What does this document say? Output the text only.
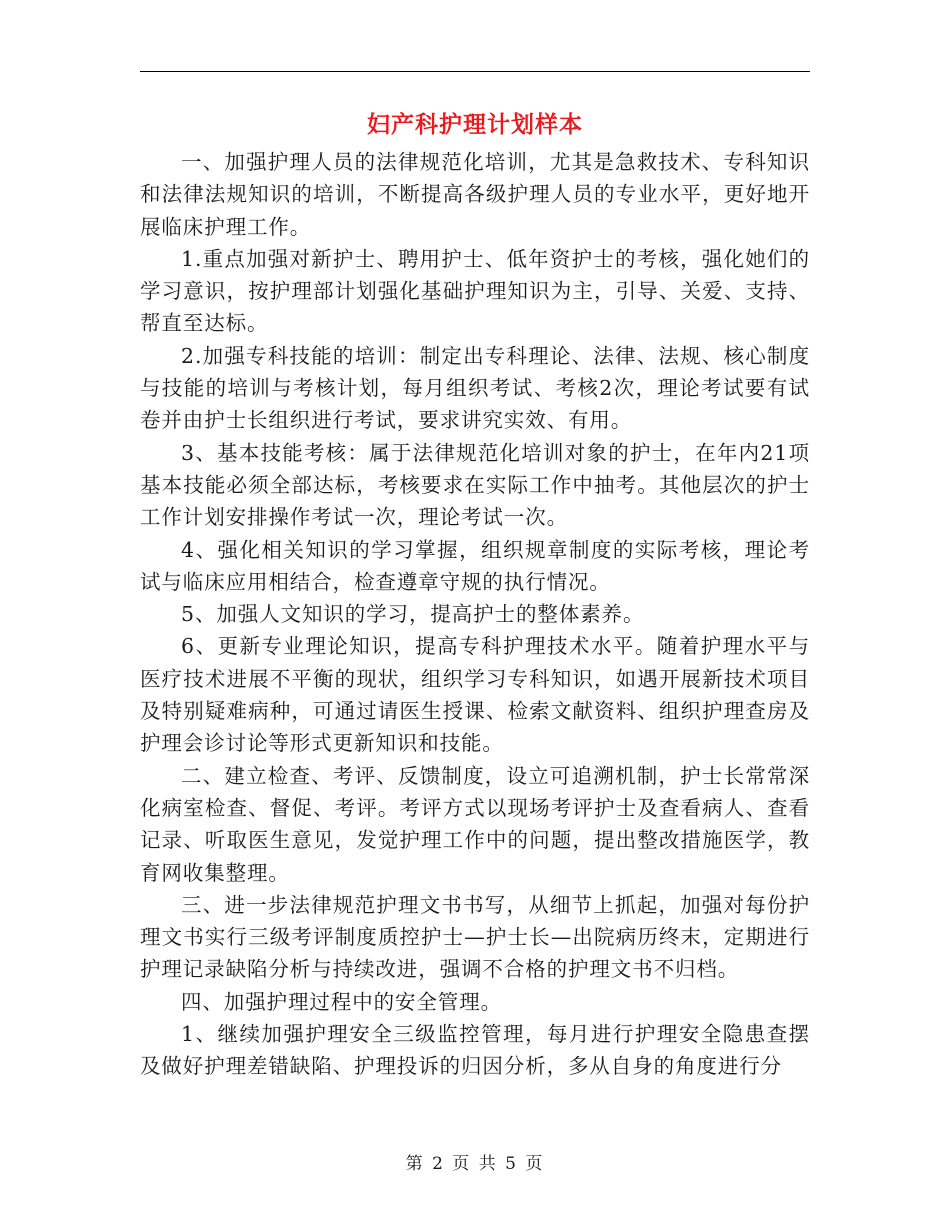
妇产科护理计划样本

一、加强护理人员的法律规范化培训，尤其是急救技术、专科知识和法律法规知识的培训，不断提高各级护理人员的专业水平，更好地开展临床护理工作。

1.重点加强对新护士、聘用护士、低年资护士的考核，强化她们的学习意识，按护理部计划强化基础护理知识为主，引导、关爱、支持、帮直至达标。

2.加强专科技能的培训：制定出专科理论、法律、法规、核心制度与技能的培训与考核计划，每月组织考试、考核2次，理论考试要有试卷并由护士长组织进行考试，要求讲究实效、有用。

3、基本技能考核：属于法律规范化培训对象的护士，在年内21项基本技能必须全部达标，考核要求在实际工作中抽考。其他层次的护士工作计划安排操作考试一次，理论考试一次。

4、强化相关知识的学习掌握，组织规章制度的实际考核，理论考试与临床应用相结合，检查遵章守规的执行情况。

5、加强人文知识的学习，提高护士的整体素养。

6、更新专业理论知识，提高专科护理技术水平。随着护理水平与医疗技术进展不平衡的现状，组织学习专科知识，如遇开展新技术项目及特别疑难病种，可通过请医生授课、检索文献资料、组织护理查房及护理会诊讨论等形式更新知识和技能。

二、建立检查、考评、反馈制度，设立可追溯机制，护士长常常深化病室检查、督促、考评。考评方式以现场考评护士及查看病人、查看记录、听取医生意见，发觉护理工作中的问题，提出整改措施医学，教育网收集整理。

三、进一步法律规范护理文书书写，从细节上抓起，加强对每份护理文书实行三级考评制度质控护士—护士长—出院病历终末，定期进行护理记录缺陷分析与持续改进，强调不合格的护理文书不归档。

四、加强护理过程中的安全管理。

1、继续加强护理安全三级监控管理，每月进行护理安全隐患查摆及做好护理差错缺陷、护理投诉的归因分析，多从自身的角度进行分

第 2 页 共 5 页
